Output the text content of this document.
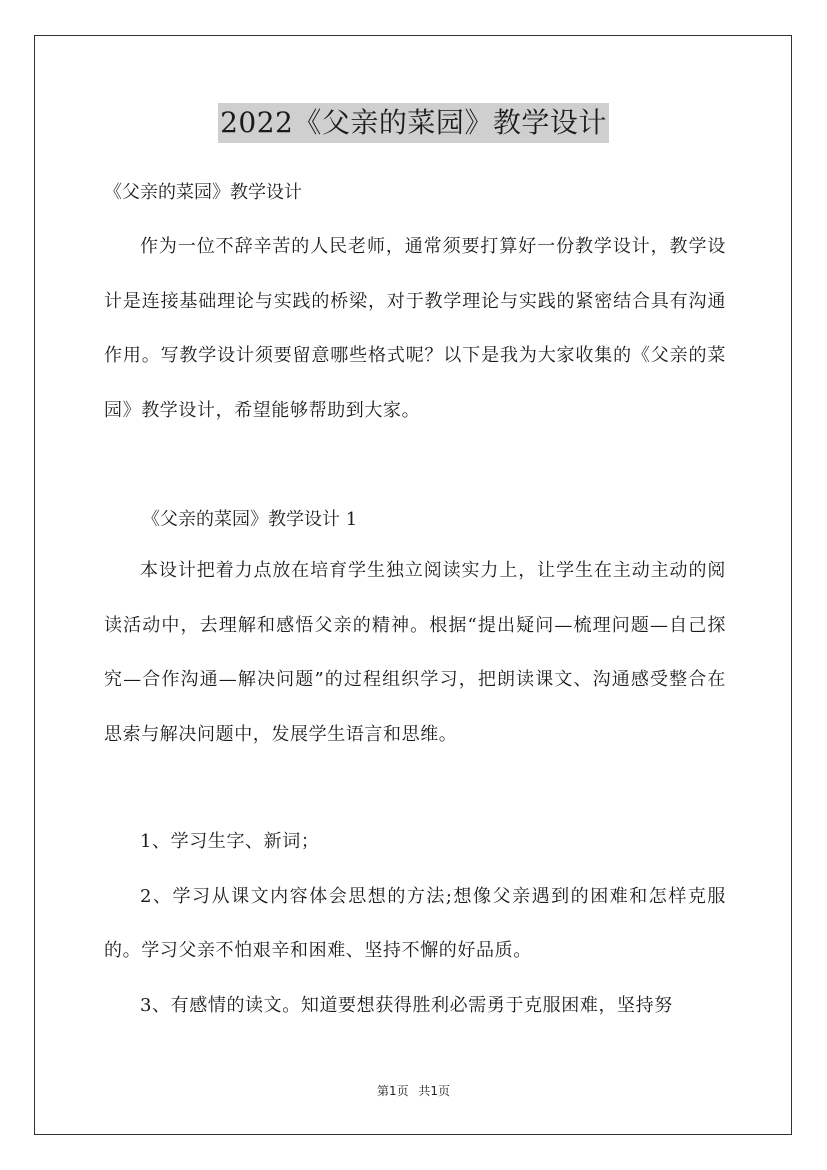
2022《父亲的菜园》教学设计
《父亲的菜园》教学设计

作为一位不辞辛苦的人民老师，通常须要打算好一份教学设计，教学设计是连接基础理论与实践的桥梁，对于教学理论与实践的紧密结合具有沟通作用。写教学设计须要留意哪些格式呢？以下是我为大家收集的《父亲的菜园》教学设计，希望能够帮助到大家。

《父亲的菜园》教学设计 1

本设计把着力点放在培育学生独立阅读实力上，让学生在主动主动的阅读活动中，去理解和感悟父亲的精神。根据“提出疑问—梳理问题—自己探究—合作沟通—解决问题”的过程组织学习，把朗读课文、沟通感受整合在思索与解决问题中，发展学生语言和思维。

1、学习生字、新词；

2、学习从课文内容体会思想的方法;想像父亲遇到的困难和怎样克服的。学习父亲不怕艰辛和困难、坚持不懈的好品质。

3、有感情的读文。知道要想获得胜利必需勇于克服困难，坚持努

第1页 共1页
